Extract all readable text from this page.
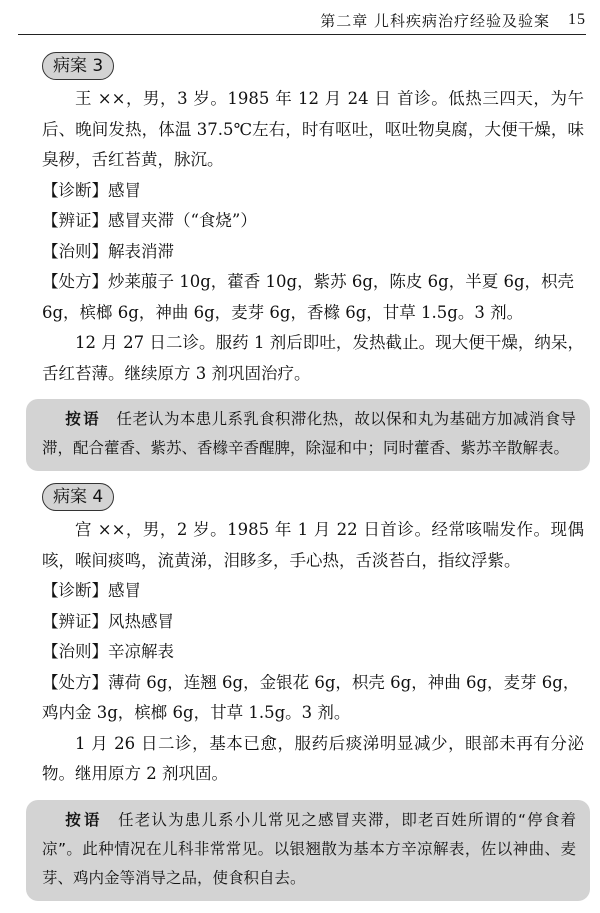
第二章 儿科疾病治疗经验及验案 15
病案 3

王 ××，男，3 岁。1985 年 12 月 24 日 首诊。低热三四天，为午后、晚间发热，体温 37.5℃左右，时有呕吐，呕吐物臭腐，大便干燥，味臭秽，舌红苔黄，脉沉。

【诊断】感冒

【辨证】感冒夹滞（“食烧”）

【治则】解表消滞

【处方】炒莱菔子 10g，藿香 10g，紫苏 6g，陈皮 6g，半夏 6g，枳壳 6g，槟榔 6g，神曲 6g，麦芽 6g，香橼 6g，甘草 1.5g。3 剂。

12 月 27 日二诊。服药 1 剂后即吐，发热截止。现大便干燥，纳呆，舌红苔薄。继续原方 3 剂巩固治疗。

按语 任老认为本患儿系乳食积滞化热，故以保和丸为基础方加减消食导滞，配合藿香、紫苏、香橼辛香醒脾，除湿和中；同时藿香、紫苏辛散解表。
病案 4

宫 ××，男，2 岁。1985 年 1 月 22 日首诊。经常咳喘发作。现偶咳，喉间痰鸣，流黄涕，泪眵多，手心热，舌淡苔白，指纹浮紫。

【诊断】感冒

【辨证】风热感冒

【治则】辛凉解表

【处方】薄荷 6g，连翘 6g，金银花 6g，枳壳 6g，神曲 6g，麦芽 6g，鸡内金 3g，槟榔 6g，甘草 1.5g。3 剂。

1 月 26 日二诊，基本已愈，服药后痰涕明显减少，眼部未再有分泌物。继用原方 2 剂巩固。

按语 任老认为患儿系小儿常见之感冒夹滞，即老百姓所谓的“停食着凉”。此种情况在儿科非常常见。以银翘散为基本方辛凉解表，佐以神曲、麦芽、鸡内金等消导之品，使食积自去。
